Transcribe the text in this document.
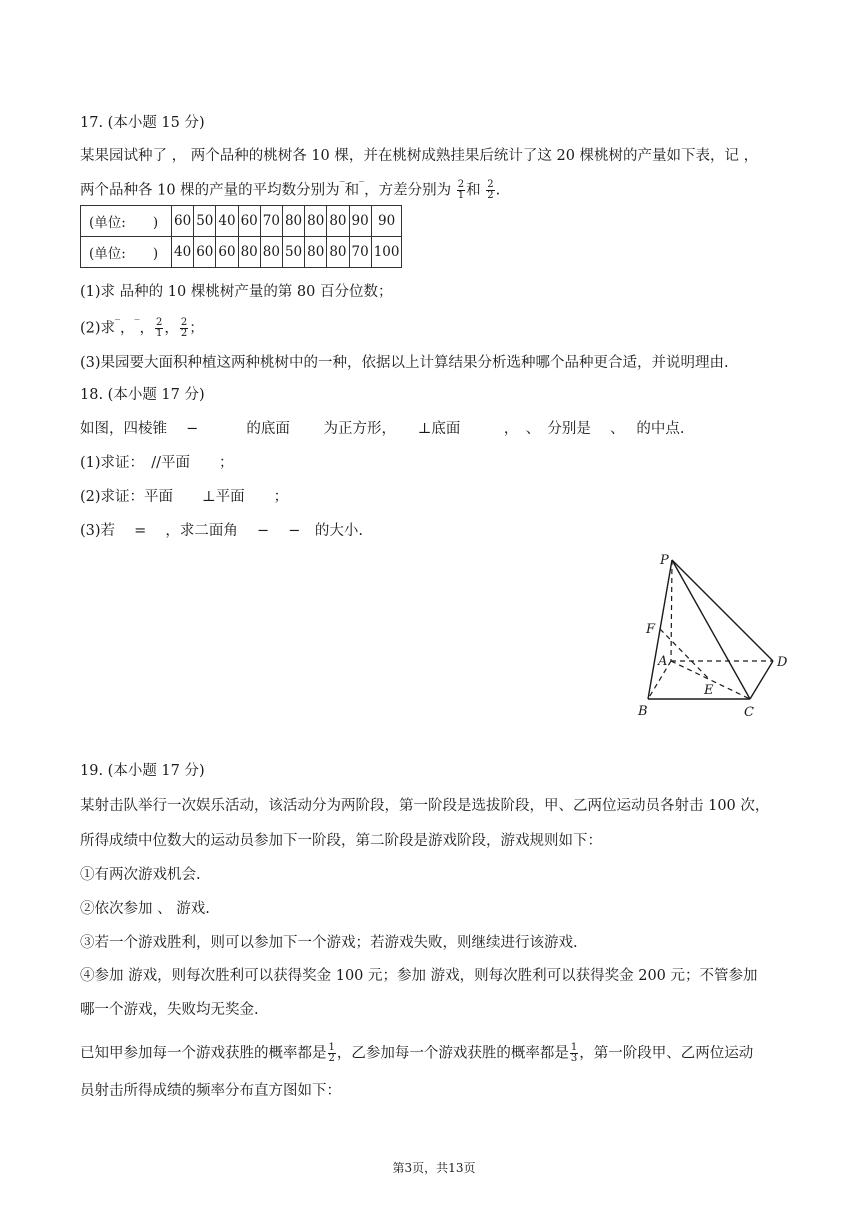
17. (本小题 15 分)
某果园试种了 ， 两个品种的桃树各 10 棵，并在桃树成熟挂果后统计了这 20 棵桃树的产量如下表，记 ，
两个品种各 10 棵的产量的平均数分别为‾和‾，方差分别为 $\frac{2}{1}$ 和 $\frac{2}{2}$ .
(单位:　　)	60	50	40	60	70	80	80	80	90	90
(单位:　　)	40	60	60	80	80	50	80	80	70	100
(1)求 品种的 10 棵桃树产量的第 80 百分位数；
(2)求‾，‾， $\frac{2}{1}$ ， $\frac{2}{2}$ ；
(3)果园要大面积种植这两种桃树中的一种，依据以上计算结果分析选种哪个品种更合适，并说明理由.
18. (本小题 17 分)
如图，四棱锥　 −　　　 的底面　　 为正方形，　　⊥底面　　　，　、　分别是　 、　 的中点.
(1)求证：　//平面　　；
(2)求证：平面　　⊥平面　　；
(3)若　 =　 ，求二面角　 −　 −　的大小.
P
F
A	D
E
B	C
19. (本小题 17 分)
某射击队举行一次娱乐活动，该活动分为两阶段，第一阶段是选拔阶段，甲、乙两位运动员各射击 100 次，
所得成绩中位数大的运动员参加下一阶段，第二阶段是游戏阶段，游戏规则如下：
①有两次游戏机会.
②依次参加 、 游戏.
③若一个游戏胜利，则可以参加下一个游戏；若游戏失败，则继续进行该游戏.
④参加 游戏，则每次胜利可以获得奖金 100 元；参加 游戏，则每次胜利可以获得奖金 200 元；不管参加
哪一个游戏，失败均无奖金.
已知甲参加每一个游戏获胜的概率都是 $\frac{1}{2}$ ，乙参加每一个游戏获胜的概率都是 $\frac{1}{3}$ ，第一阶段甲、乙两位运动
员射击所得成绩的频率分布直方图如下：
第3页，共13页
